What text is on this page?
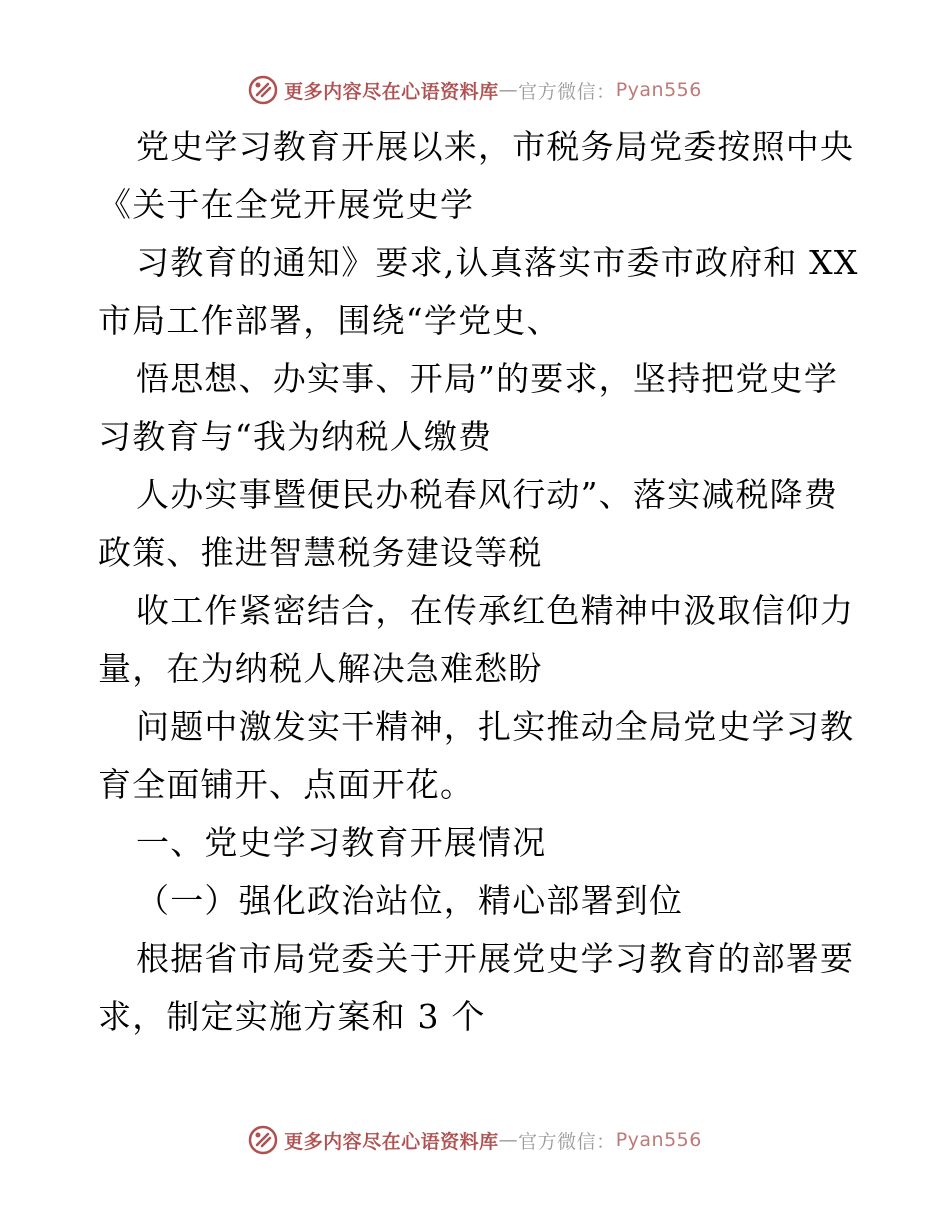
更多内容尽在心语资料库 — 官方微信： Pyan556
党史学习教育开展以来，市税务局党委按照中央
《关于在全党开展党史学
习教育的通知》要求,认真落实市委市政府和 XX
市局工作部署，围绕“学党史、
悟思想、办实事、开局”的要求，坚持把党史学
习教育与“我为纳税人缴费
人办实事暨便民办税春风行动”、落实减税降费
政策、推进智慧税务建设等税
收工作紧密结合，在传承红色精神中汲取信仰力
量，在为纳税人解决急难愁盼
问题中激发实干精神，扎实推动全局党史学习教
育全面铺开、点面开花。
一、党史学习教育开展情况
（一）强化政治站位，精心部署到位
根据省市局党委关于开展党史学习教育的部署要
求，制定实施方案和 3 个
更多内容尽在心语资料库 — 官方微信： Pyan556
